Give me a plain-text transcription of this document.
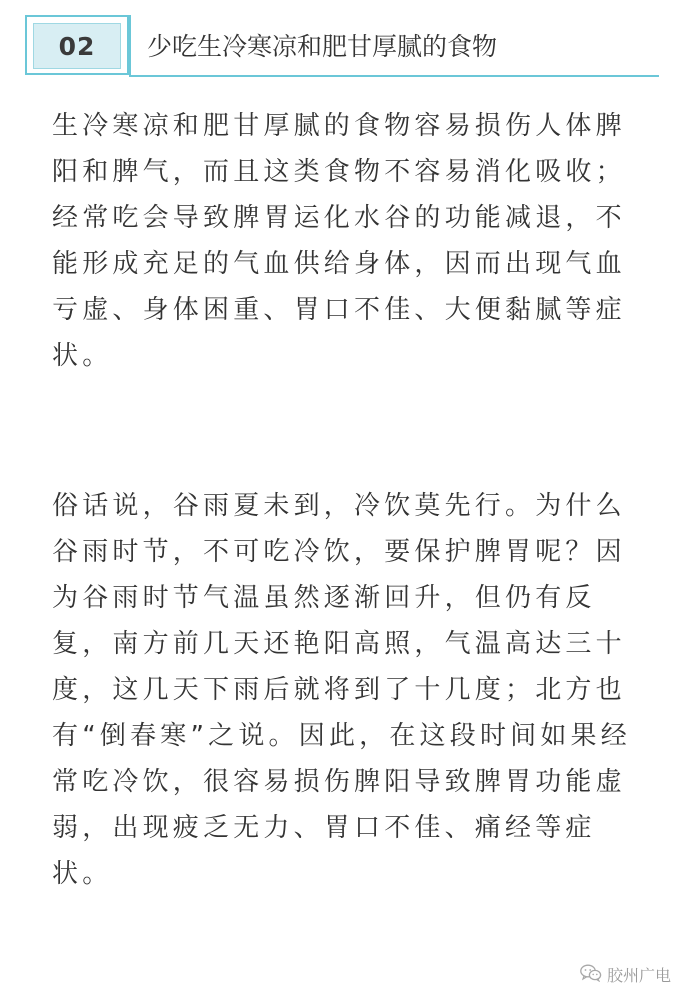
02	少吃生冷寒凉和肥甘厚腻的食物

生冷寒凉和肥甘厚腻的食物容易损伤人体脾阳和脾气，而且这类食物不容易消化吸收；经常吃会导致脾胃运化水谷的功能减退，不能形成充足的气血供给身体，因而出现气血亏虚、身体困重、胃口不佳、大便黏腻等症状。

俗话说，谷雨夏未到，冷饮莫先行。为什么谷雨时节，不可吃冷饮，要保护脾胃呢？因为谷雨时节气温虽然逐渐回升，但仍有反复，南方前几天还艳阳高照，气温高达三十度，这几天下雨后就将到了十几度；北方也有“倒春寒”之说。因此，在这段时间如果经常吃冷饮，很容易损伤脾阳导致脾胃功能虚弱，出现疲乏无力、胃口不佳、痛经等症状。

胶州广电
